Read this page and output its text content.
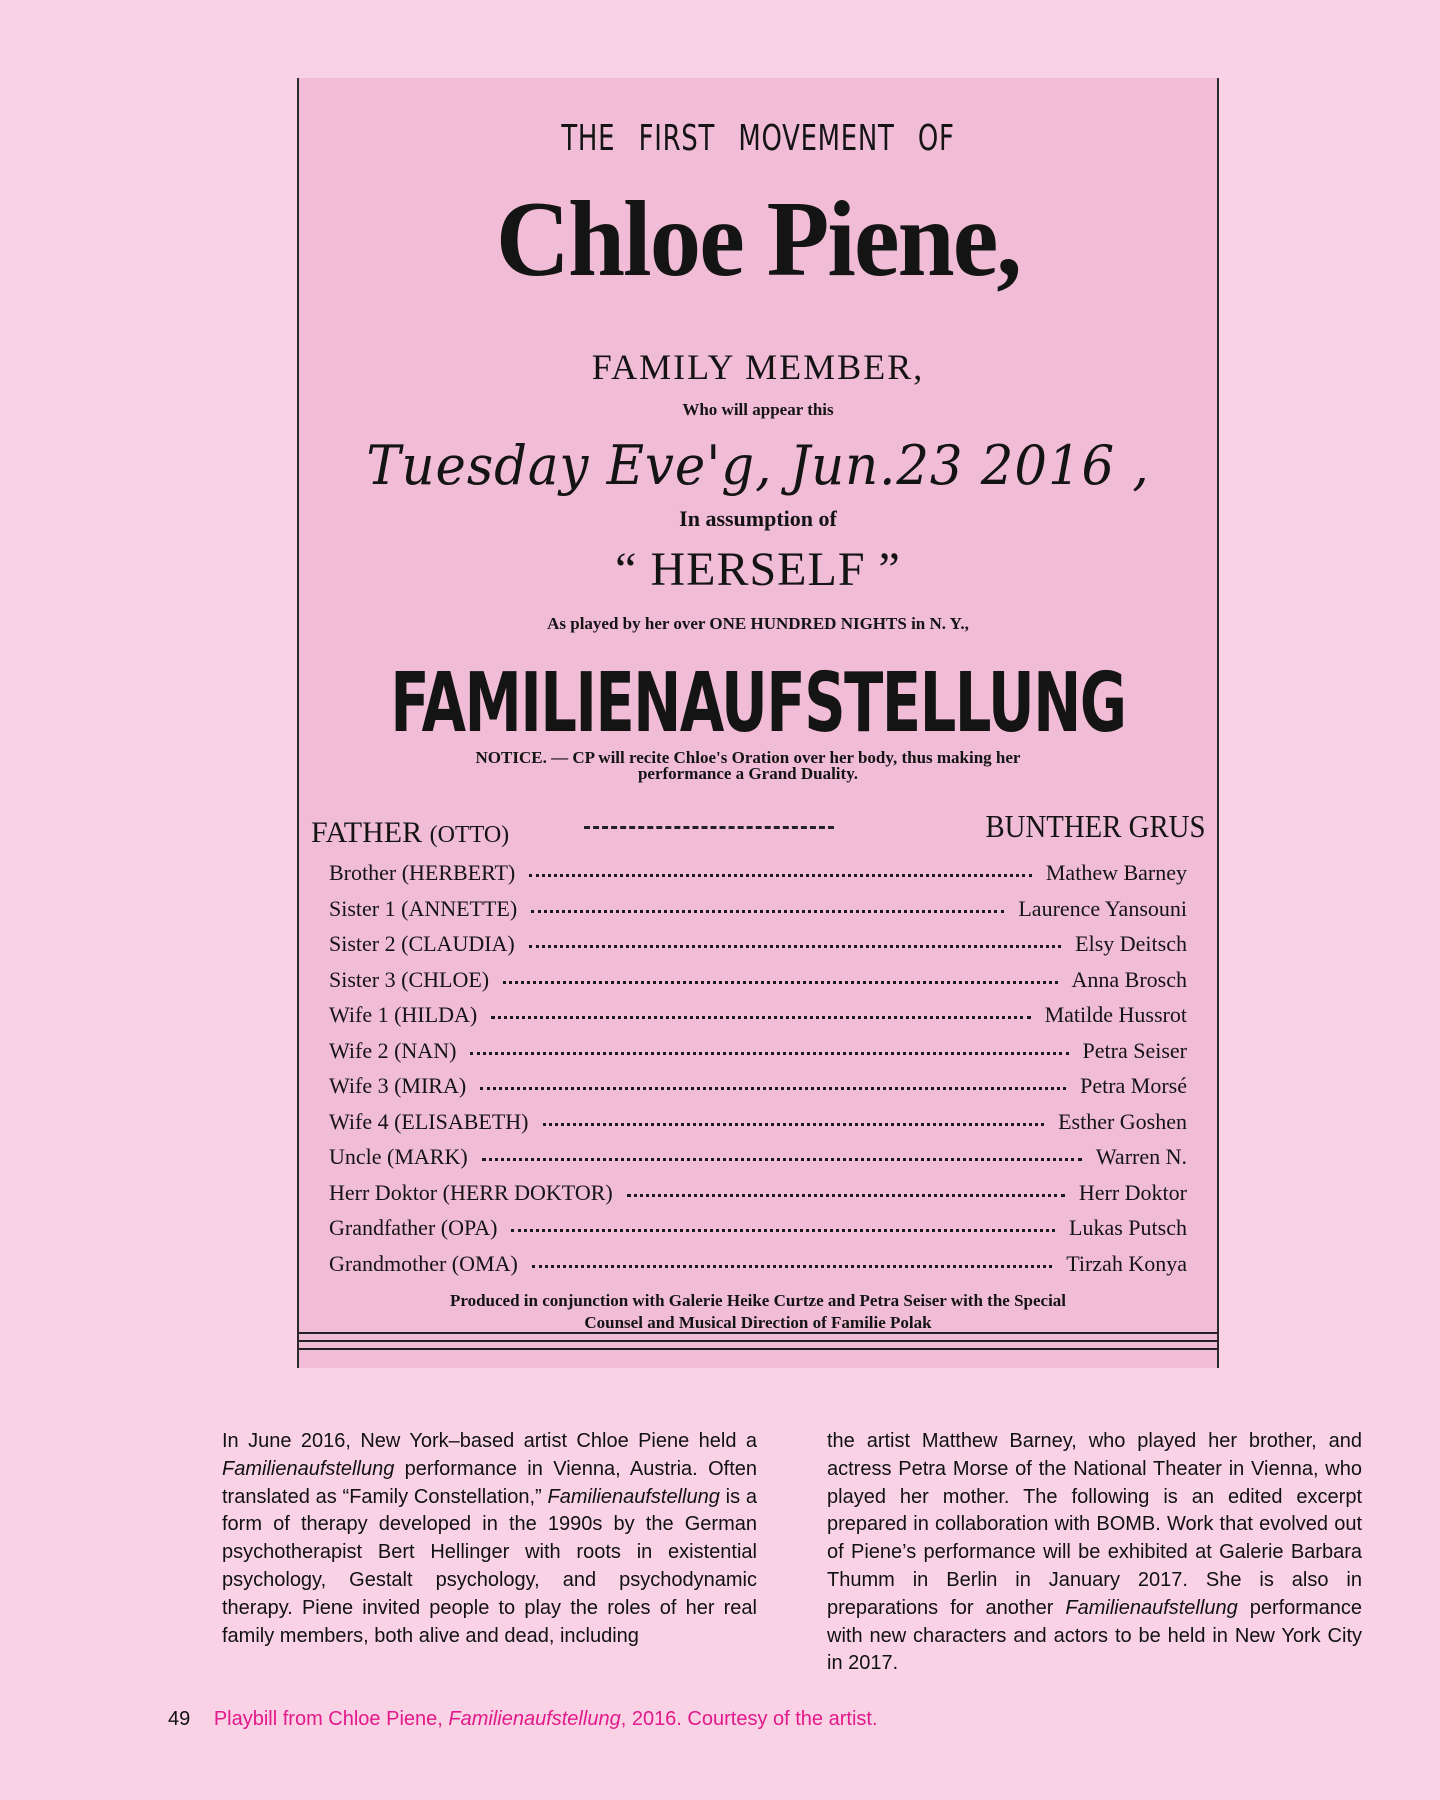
THE FIRST MOVEMENT OF
Chloe Piene,
FAMILY MEMBER,
Who will appear this
Tuesday Eve'g, Jun.23 2016 ,
In assumption of
“ HERSELF ”
As played by her over ONE HUNDRED NIGHTS in N. Y.,
FAMILIENAUFSTELLUNG
NOTICE. — CP will recite Chloe's Oration over her body, thus making her performance a Grand Duality.
FATHER (OTTO)	BUNTHER GRUS
Brother (HERBERT)	Mathew Barney
Sister 1 (ANNETTE)	Laurence Yansouni
Sister 2 (CLAUDIA)	Elsy Deitsch
Sister 3 (CHLOE)	Anna Brosch
Wife 1 (HILDA)	Matilde Hussrot
Wife 2 (NAN)	Petra Seiser
Wife 3 (MIRA)	Petra Morsé
Wife 4 (ELISABETH)	Esther Goshen
Uncle (MARK)	Warren N.
Herr Doktor (HERR DOKTOR)	Herr Doktor
Grandfather (OPA)	Lukas Putsch
Grandmother (OMA)	Tirzah Konya
Produced in conjunction with Galerie Heike Curtze and Petra Seiser with the Special Counsel and Musical Direction of Familie Polak
In June 2016, New York–based artist Chloe Piene held a Familienaufstellung performance in Vienna, Austria. Often translated as “Family Constellation,” Familienaufstellung is a form of therapy developed in the 1990s by the German psychotherapist Bert Hellinger with roots in existential psychology, Gestalt psychology, and psychodynamic therapy. Piene invited people to play the roles of her real family members, both alive and dead, including
the artist Matthew Barney, who played her brother, and actress Petra Morse of the National Theater in Vienna, who played her mother. The following is an edited excerpt prepared in collaboration with BOMB. Work that evolved out of Piene’s performance will be exhibited at Galerie Barbara Thumm in Berlin in January 2017. She is also in preparations for another Familienaufstellung performance with new characters and actors to be held in New York City in 2017.
49 Playbill from Chloe Piene, Familienaufstellung, 2016. Courtesy of the artist.
